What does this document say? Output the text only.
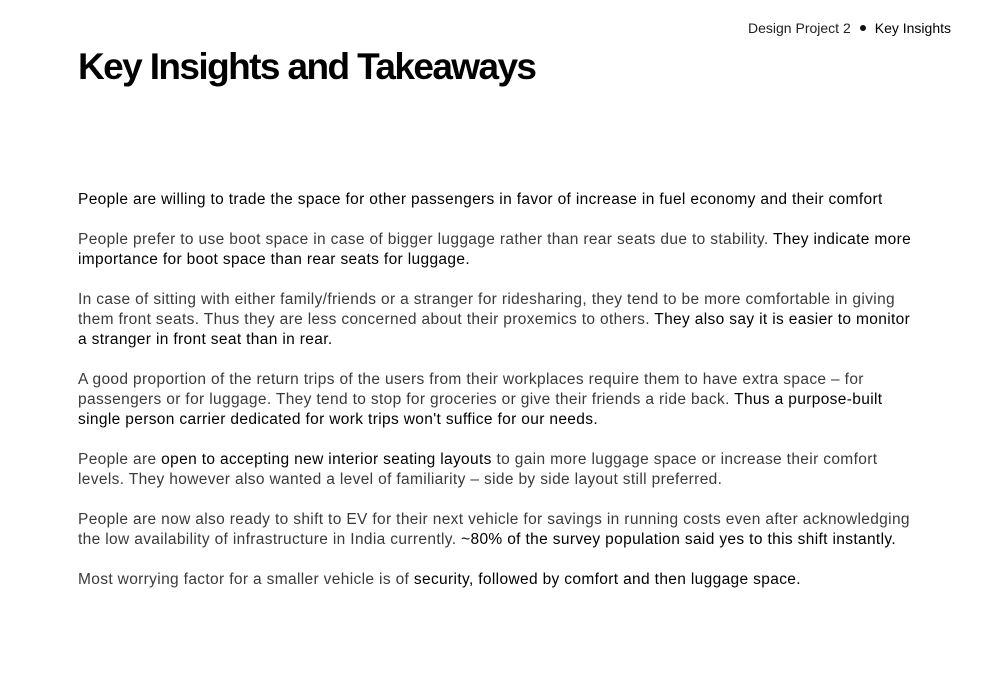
Design Project 2 Key Insights
Key Insights and Takeaways

People are willing to trade the space for other passengers in favor of increase in fuel economy and their comfort

People prefer to use boot space in case of bigger luggage rather than rear seats due to stability. They indicate more importance for boot space than rear seats for luggage.

In case of sitting with either family/friends or a stranger for ridesharing, they tend to be more comfortable in giving them front seats. Thus they are less concerned about their proxemics to others. They also say it is easier to monitor a stranger in front seat than in rear.

A good proportion of the return trips of the users from their workplaces require them to have extra space – for passengers or for luggage. They tend to stop for groceries or give their friends a ride back. Thus a purpose-built single person carrier dedicated for work trips won't suffice for our needs.

People are open to accepting new interior seating layouts to gain more luggage space or increase their comfort levels. They however also wanted a level of familiarity – side by side layout still preferred.

People are now also ready to shift to EV for their next vehicle for savings in running costs even after acknowledging the low availability of infrastructure in India currently. ~80% of the survey population said yes to this shift instantly.

Most worrying factor for a smaller vehicle is of security, followed by comfort and then luggage space.
